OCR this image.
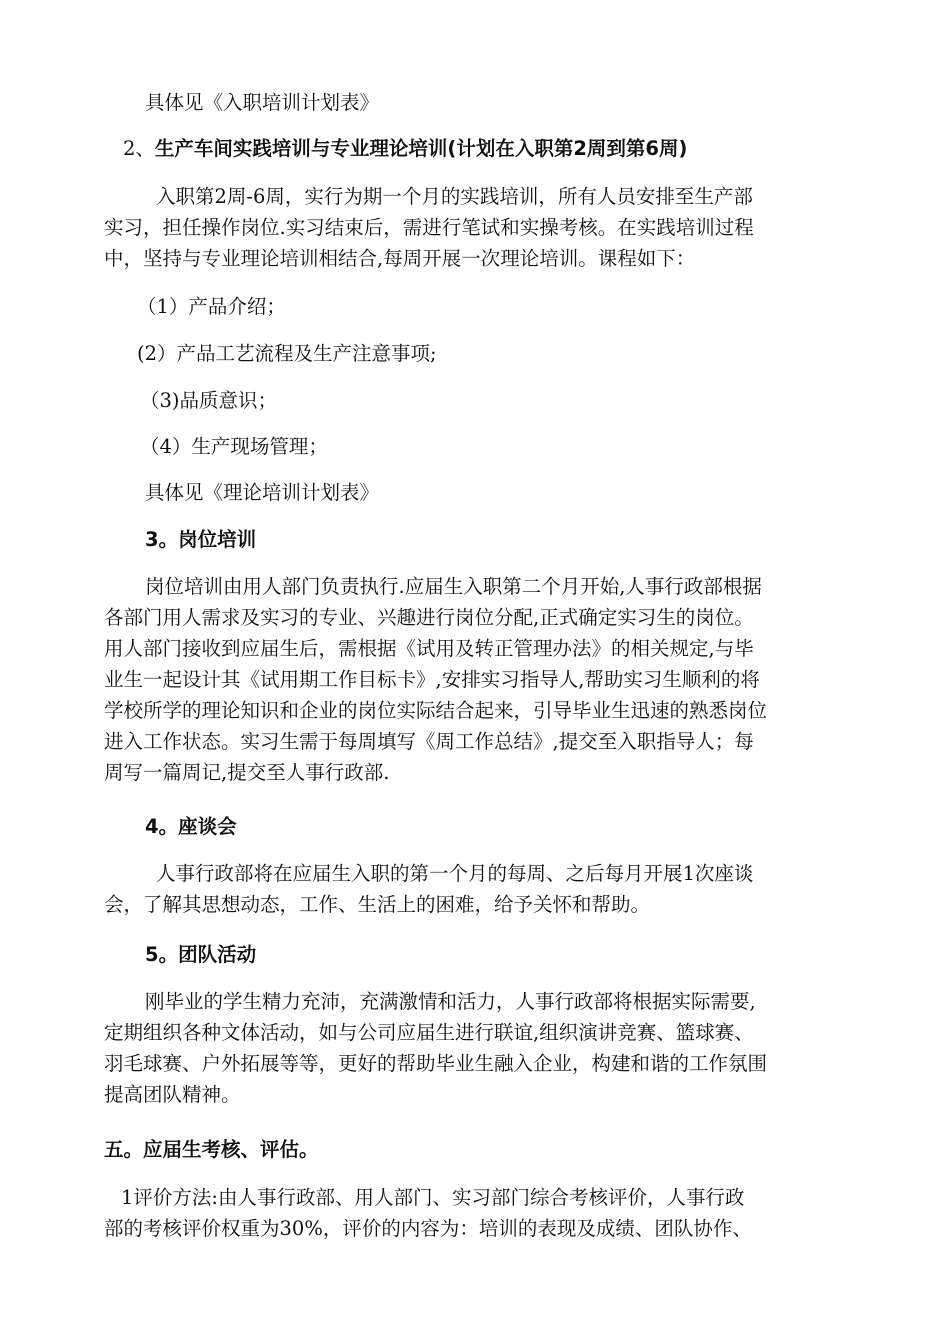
具体见《入职培训计划表》
2、生产车间实践培训与专业理论培训(计划在入职第2周到第6周)
入职第2周-6周，实行为期一个月的实践培训，所有人员安排至生产部
实习，担任操作岗位.实习结束后，需进行笔试和实操考核。在实践培训过程
中，坚持与专业理论培训相结合,每周开展一次理论培训。课程如下：
（1）产品介绍；
(2）产品工艺流程及生产注意事项;
（3)品质意识；
（4）生产现场管理；
具体见《理论培训计划表》
3。岗位培训
岗位培训由用人部门负责执行.应届生入职第二个月开始,人事行政部根据
各部门用人需求及实习的专业、兴趣进行岗位分配,正式确定实习生的岗位。
用人部门接收到应届生后，需根据《试用及转正管理办法》的相关规定,与毕
业生一起设计其《试用期工作目标卡》,安排实习指导人,帮助实习生顺利的将
学校所学的理论知识和企业的岗位实际结合起来，引导毕业生迅速的熟悉岗位
进入工作状态。实习生需于每周填写《周工作总结》,提交至入职指导人；每
周写一篇周记,提交至人事行政部.
4。座谈会
人事行政部将在应届生入职的第一个月的每周、之后每月开展1次座谈
会，了解其思想动态，工作、生活上的困难，给予关怀和帮助。
5。团队活动
刚毕业的学生精力充沛，充满激情和活力，人事行政部将根据实际需要,
定期组织各种文体活动，如与公司应届生进行联谊,组织演讲竞赛、篮球赛、
羽毛球赛、户外拓展等等，更好的帮助毕业生融入企业，构建和谐的工作氛围
提高团队精神。
五。应届生考核、评估。
1评价方法:由人事行政部、用人部门、实习部门综合考核评价，人事行政
部的考核评价权重为30%，评价的内容为：培训的表现及成绩、团队协作、
